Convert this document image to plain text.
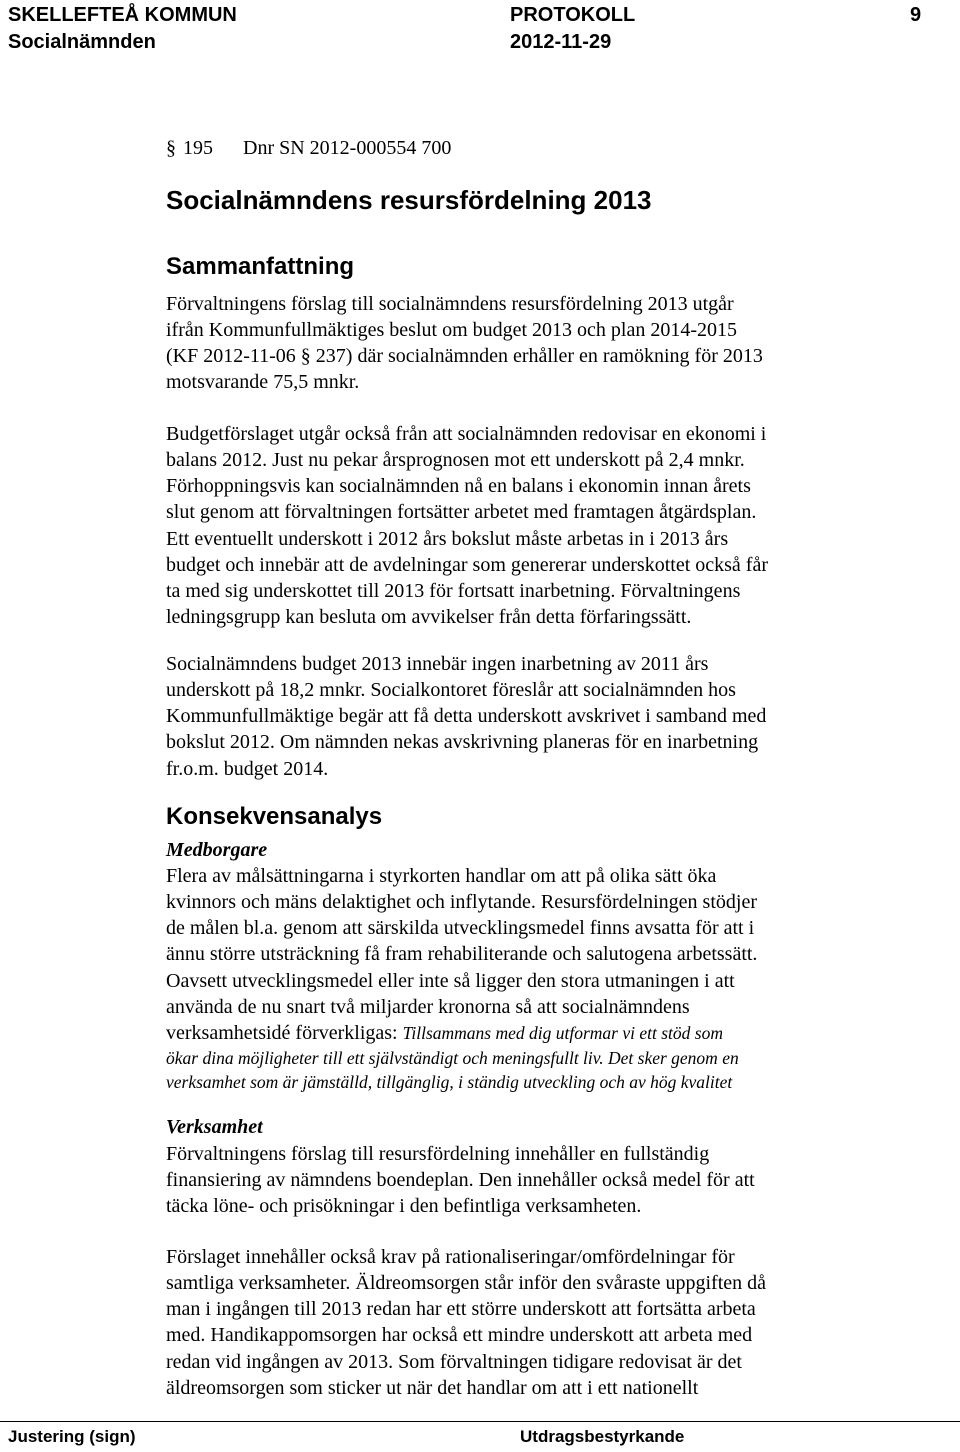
SKELLEFTEÅ KOMMUN	PROTOKOLL	9
Socialnämnden	2012-11-29
§ 195 Dnr SN 2012-000554 700
Socialnämndens resursfördelning 2013
Sammanfattning
Förvaltningens förslag till socialnämndens resursfördelning 2013 utgår
ifrån Kommunfullmäktiges beslut om budget 2013 och plan 2014-2015
(KF 2012-11-06 § 237) där socialnämnden erhåller en ramökning för 2013
motsvarande 75,5 mnkr.
Budgetförslaget utgår också från att socialnämnden redovisar en ekonomi i
balans 2012. Just nu pekar årsprognosen mot ett underskott på 2,4 mnkr.
Förhoppningsvis kan socialnämnden nå en balans i ekonomin innan årets
slut genom att förvaltningen fortsätter arbetet med framtagen åtgärdsplan.
Ett eventuellt underskott i 2012 års bokslut måste arbetas in i 2013 års
budget och innebär att de avdelningar som genererar underskottet också får
ta med sig underskottet till 2013 för fortsatt inarbetning. Förvaltningens
ledningsgrupp kan besluta om avvikelser från detta förfaringssätt.
Socialnämndens budget 2013 innebär ingen inarbetning av 2011 års
underskott på 18,2 mnkr. Socialkontoret föreslår att socialnämnden hos
Kommunfullmäktige begär att få detta underskott avskrivet i samband med
bokslut 2012. Om nämnden nekas avskrivning planeras för en inarbetning
fr.o.m. budget 2014.
Konsekvensanalys
Medborgare
Flera av målsättningarna i styrkorten handlar om att på olika sätt öka
kvinnors och mäns delaktighet och inflytande. Resursfördelningen stödjer
de målen bl.a. genom att särskilda utvecklingsmedel finns avsatta för att i
ännu större utsträckning få fram rehabiliterande och salutogena arbetssätt.
Oavsett utvecklingsmedel eller inte så ligger den stora utmaningen i att
använda de nu snart två miljarder kronorna så att socialnämndens
verksamhetsidé förverkligas: Tillsammans med dig utformar vi ett stöd som
ökar dina möjligheter till ett självständigt och meningsfullt liv. Det sker genom en
verksamhet som är jämställd, tillgänglig, i ständig utveckling och av hög kvalitet
Verksamhet
Förvaltningens förslag till resursfördelning innehåller en fullständig
finansiering av nämndens boendeplan. Den innehåller också medel för att
täcka löne- och prisökningar i den befintliga verksamheten.
Förslaget innehåller också krav på rationaliseringar/omfördelningar för
samtliga verksamheter. Äldreomsorgen står inför den svåraste uppgiften då
man i ingången till 2013 redan har ett större underskott att fortsätta arbeta
med. Handikappomsorgen har också ett mindre underskott att arbeta med
redan vid ingången av 2013. Som förvaltningen tidigare redovisat är det
äldreomsorgen som sticker ut när det handlar om att i ett nationellt
Justering (sign)	Utdragsbestyrkande
